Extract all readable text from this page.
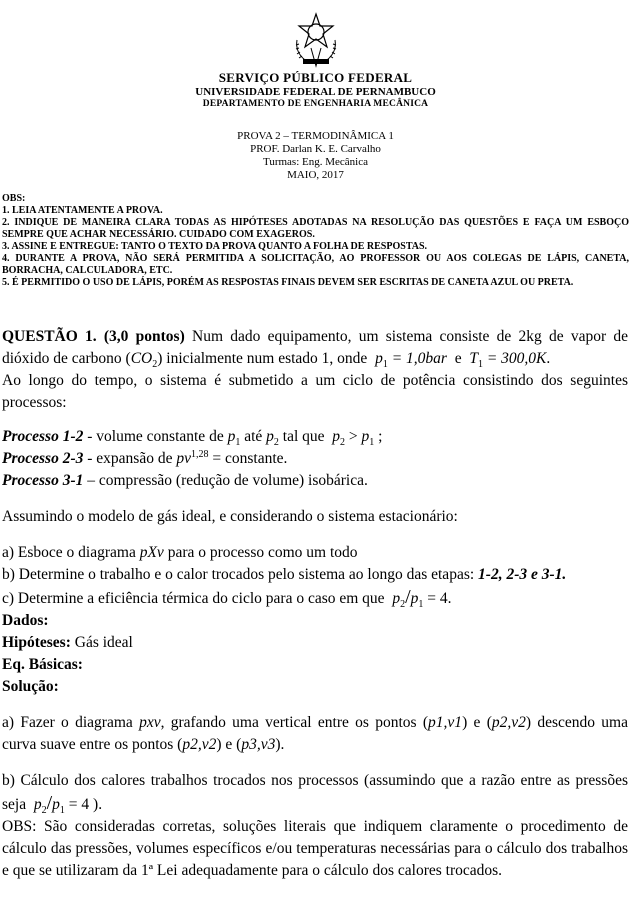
SERVIÇO PÚBLICO FEDERAL
UNIVERSIDADE FEDERAL DE PERNAMBUCO
DEPARTAMENTO DE ENGENHARIA MECÂNICA
PROVA 2 – TERMODINÂMICA 1
PROF. Darlan K. E. Carvalho
Turmas: Eng. Mecânica
MAIO, 2017
OBS:
1. LEIA ATENTAMENTE A PROVA.
2. INDIQUE DE MANEIRA CLARA TODAS AS HIPÓTESES ADOTADAS NA RESOLUÇÃO DAS QUESTÕES E FAÇA UM ESBOÇO SEMPRE QUE ACHAR NECESSÁRIO. CUIDADO COM EXAGEROS.
3. ASSINE E ENTREGUE: TANTO O TEXTO DA PROVA QUANTO A FOLHA DE RESPOSTAS.
4. DURANTE A PROVA, NÃO SERÁ PERMITIDA A SOLICITAÇÃO, AO PROFESSOR OU AOS COLEGAS DE LÁPIS, CANETA, BORRACHA, CALCULADORA, ETC.
5. É PERMITIDO O USO DE LÁPIS, PORÉM AS RESPOSTAS FINAIS DEVEM SER ESCRITAS DE CANETA AZUL OU PRETA.
QUESTÃO 1. (3,0 pontos) Num dado equipamento, um sistema consiste de 2kg de vapor de dióxido de carbono $(CO_2)$ inicialmente num estado 1, onde $p_1 = 1,0bar$ e $T_1 = 300,0K$.
Ao longo do tempo, o sistema é submetido a um ciclo de potência consistindo dos seguintes processos:
Processo 1-2 - volume constante de $p_1$ até $p_2$ tal que  $p_2 > p_1$ ;
Processo 2-3 - expansão de pv$^{1,28}$ = constante.
Processo 3-1 – compressão (redução de volume) isobárica.
Assumindo o modelo de gás ideal, e considerando o sistema estacionário:
a) Esboce o diagrama pXv para o processo como um todo
b) Determine o trabalho e o calor trocados pelo sistema ao longo das etapas: 1-2, 2-3 e 3-1.
c) Determine a eficiência térmica do ciclo para o caso em que  $p_2/p_1 = 4$.
Dados:
Hipóteses: Gás ideal
Eq. Básicas:
Solução:
a) Fazer o diagrama pxv, grafando uma vertical entre os pontos (p1,v1) e (p2,v2) descendo uma curva suave entre os pontos (p2,v2) e (p3,v3).
b) Cálculo dos calores trabalhos trocados nos processos (assumindo que a razão entre as pressões seja  $p_2/p_1 = 4$ ).
OBS: São consideradas corretas, soluções literais que indiquem claramente o procedimento de cálculo das pressões, volumes específicos e/ou temperaturas necessárias para o cálculo dos trabalhos e que se utilizaram da 1ª Lei adequadamente para o cálculo dos calores trocados.
